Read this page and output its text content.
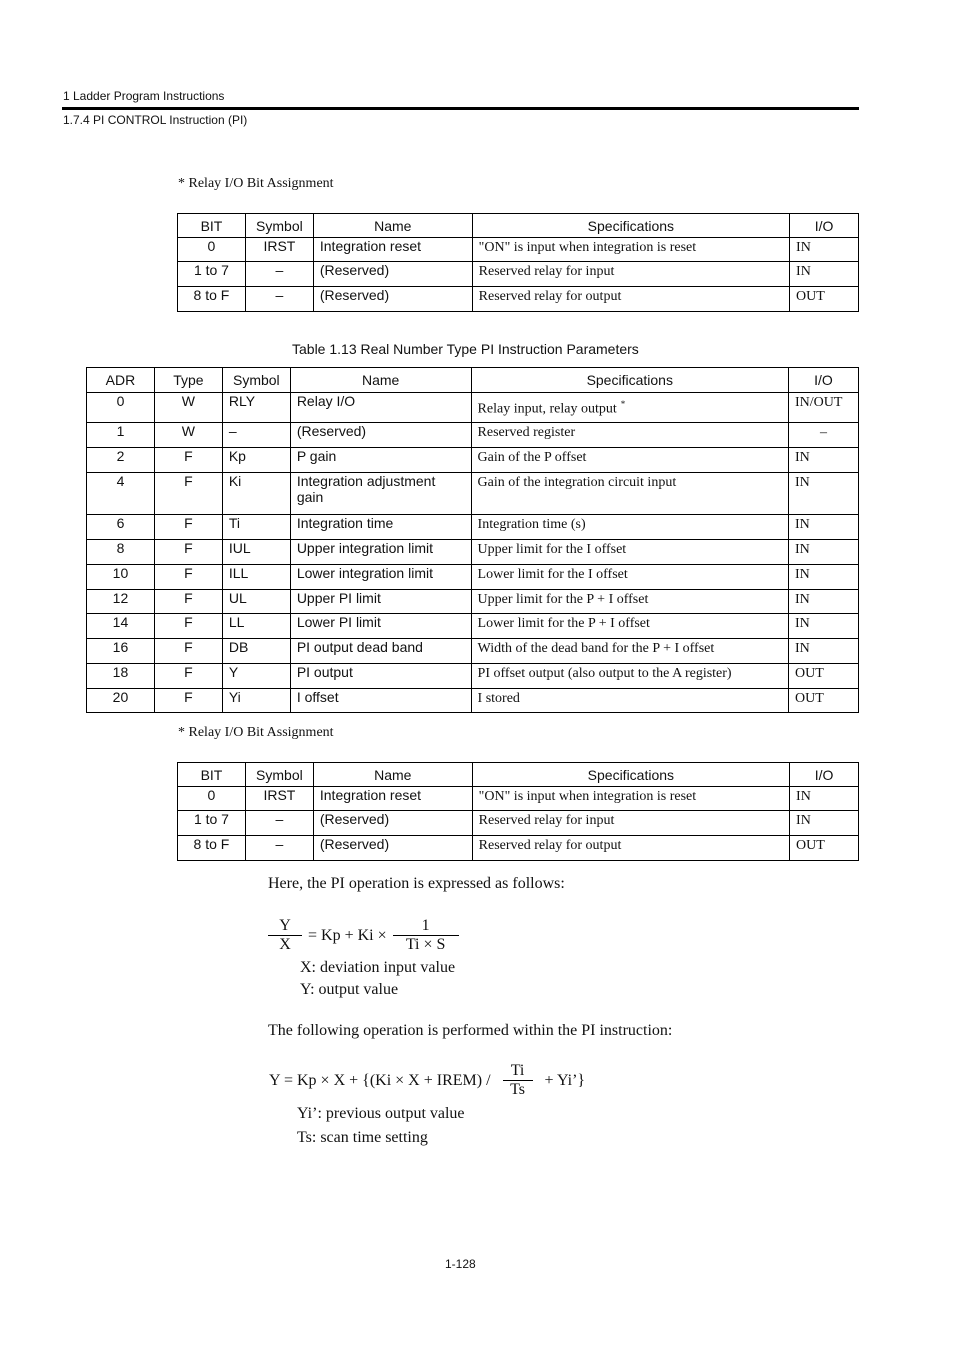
1 Ladder Program Instructions
1.7.4 PI CONTROL Instruction (PI)
* Relay I/O Bit Assignment
BIT	Symbol	Name	Specifications	I/O
0	IRST	Integration reset	"ON" is input when integration is reset	IN
1 to 7	–	(Reserved)	Reserved relay for input	IN
8 to F	–	(Reserved)	Reserved relay for output	OUT
Table 1.13 Real Number Type PI Instruction Parameters
ADR	Type	Symbol	Name	Specifications	I/O
0	W	RLY	Relay I/O	Relay input, relay output *	IN/OUT
1	W	–	(Reserved)	Reserved register	–
2	F	Kp	P gain	Gain of the P offset	IN
4	F	Ki	Integration adjustment gain	Gain of the integration circuit input	IN
6	F	Ti	Integration time	Integration time (s)	IN
8	F	IUL	Upper integration limit	Upper limit for the I offset	IN
10	F	ILL	Lower integration limit	Lower limit for the I offset	IN
12	F	UL	Upper PI limit	Upper limit for the P + I offset	IN
14	F	LL	Lower PI limit	Lower limit for the P + I offset	IN
16	F	DB	PI output dead band	Width of the dead band for the P + I offset	IN
18	F	Y	PI output	PI offset output (also output to the A register)	OUT
20	F	Yi	I offset	I stored	OUT
* Relay I/O Bit Assignment
BIT	Symbol	Name	Specifications	I/O
0	IRST	Integration reset	"ON" is input when integration is reset	IN
1 to 7	–	(Reserved)	Reserved relay for input	IN
8 to F	–	(Reserved)	Reserved relay for output	OUT
Here, the PI operation is expressed as follows:
$\frac{Y}{X} = Kp + Ki \times \frac{1}{Ti \times S}$
X: deviation input value
Y: output value
The following operation is performed within the PI instruction:
Y = Kp × X + {(Ki × X + IREM) / $\frac{Ti}{Ts}$ + Yi’}
Yi’: previous output value
Ts: scan time setting
1-128
